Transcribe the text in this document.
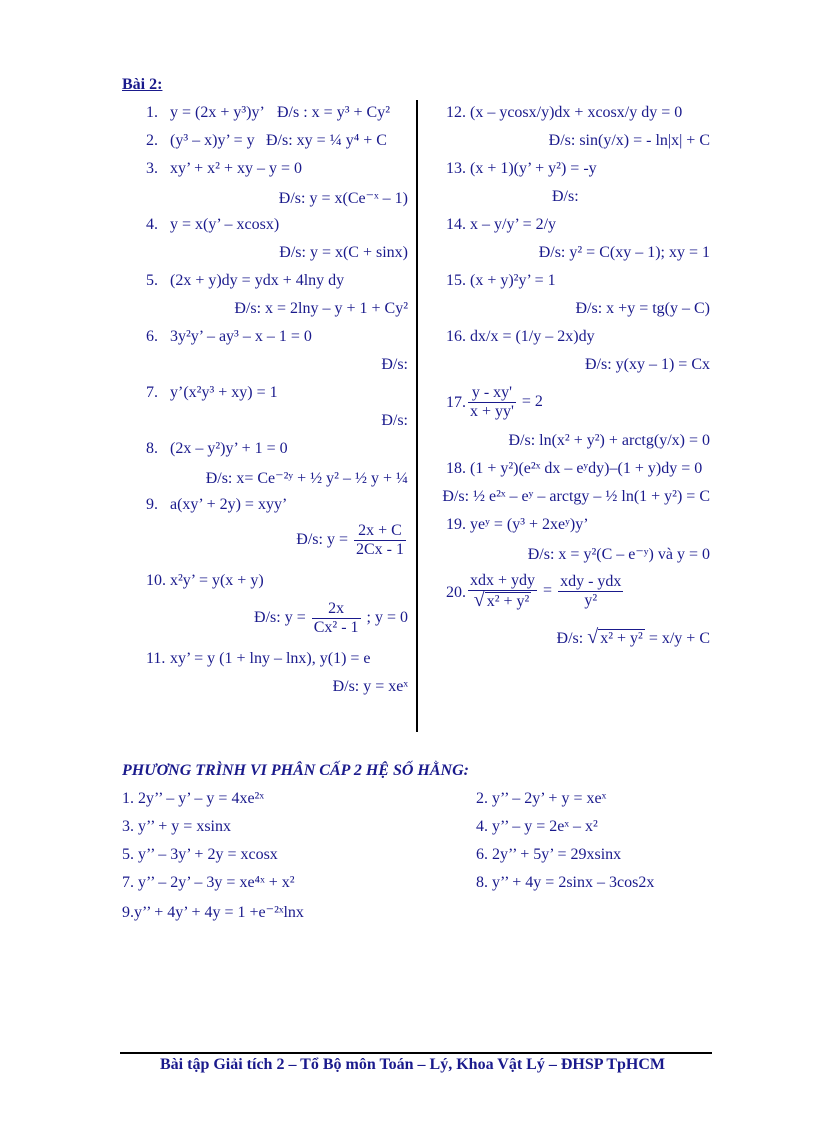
Bài 2:
1. y = (2x + y³)y’ Đ/s : x = y³ + Cy²
2. (y³ – x)y’ = y Đ/s: xy = ¼ y⁴ + C
3. xy’ + x² + xy – y = 0
Đ/s: y = x(Ce⁻ˣ – 1)
4. y = x(y’ – xcosx)
Đ/s: y = x(C + sinx)
5. (2x + y)dy = ydx + 4lny dy
Đ/s: x = 2lny – y + 1 + Cy²
6. 3y²y’ – ay³ – x – 1 = 0
Đ/s:
7. y’(x²y³ + xy) = 1
Đ/s:
8. (2x – y²)y’ + 1 = 0
Đ/s: x= Ce⁻²ʸ + ½ y² – ½ y + ¼
9. a(xy’ + 2y) = xyy’
Đ/s: $y = \frac{2x + C}{2Cx - 1}$
10. x²y’ = y(x + y)
Đ/s: $y = \frac{2x}{\text{Cx² - 1}}$ ; y = 0
11. xy’ = y (1 + lny – lnx), y(1) = e
Đ/s: y = xeˣ
12. (x – ycosx/y)dx + xcosx/y dy = 0
Đ/s: sin(y/x) = - ln|x| + C
13. (x + 1)(y’ + y²) = -y
Đ/s:
14. x – y/y’ = 2/y
Đ/s: y² = C(xy – 1); xy = 1
15. (x + y)²y’ = 1
Đ/s: x +y = tg(y – C)
16. dx/x = (1/y – 2x)dy
Đ/s: y(xy – 1) = Cx
17. $\frac{y - xy'}{x + yy'} = 2$
Đ/s: ln(x² + y²) + arctg(y/x) = 0
18. (1 + y²)(e²ˣ dx – eʸdy)–(1 + y)dy = 0
Đ/s: ½ e²ˣ – eʸ – arctgy – ½ ln(1 + y²) = C
19. yeʸ = (y³ + 2xeʸ)y’
Đ/s: x = y²(C – e⁻ʸ) và y = 0
20. $\frac{\text{xdx + ydy}}{\text{√ x² + y²}} = \frac{\text{xdy - ydx}}{\text{y²}}$
Đ/s: √ x² + y² = x/y + C
PHƯƠNG TRÌNH VI PHÂN CẤP 2 HỆ SỐ HẰNG:
1. 2y’’ – y’ – y = 4xe²ˣ	2. y’’ – 2y’ + y = xeˣ
3. y’’ + y = xsinx	4. y’’ – y = 2eˣ – x²
5. y’’ – 3y’ + 2y = xcosx	6. 2y’’ + 5y’ = 29xsinx
7. y’’ – 2y’ – 3y = xe⁴ˣ + x²	8. y’’ + 4y = 2sinx – 3cos2x
9.y’’ + 4y’ + 4y = 1 +e⁻²ˣlnx
Bài tập Giải tích 2 – Tổ Bộ môn Toán – Lý, Khoa Vật Lý – ĐHSP TpHCM
